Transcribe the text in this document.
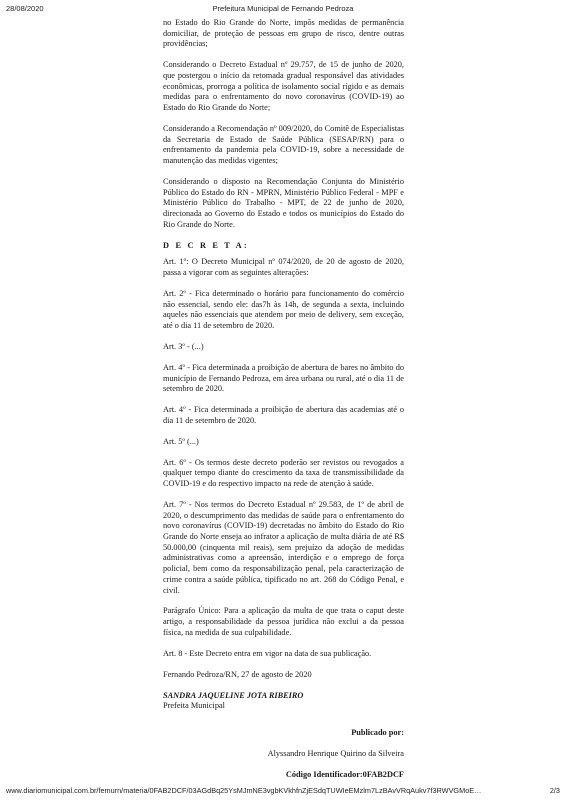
28/08/2020	Prefeitura Municipal de Fernando Pedroza

no Estado do Rio Grande do Norte, impõs medidas de permanência domiciliar, de proteção de pessoas em grupo de risco, dentre outras providências;

Considerando o Decreto Estadual nº 29.757, de 15 de junho de 2020, que postergou o início da retomada gradual responsável das atividades econômicas, prorroga a política de isolamento social rígido e as demais medidas para o enfrentamento do novo coronavírus (COVID-19) ao Estado do Rio Grande do Norte;

Considerando a Recomendação nº 009/2020, do Comitê de Especialistas da Secretaria de Estado de Saúde Pública (SESAP/RN) para o enfrentamento da pandemia pela COVID-19, sobre a necessidade de manutenção das medidas vigentes;

Considerando o disposto na Recomendação Conjunta do Ministério Público do Estado do RN - MPRN, Ministério Público Federal - MPF e Ministério Público do Trabalho - MPT, de 22 de junho de 2020, direcionada ao Governo do Estado e todos os municípios do Estado do Rio Grande do Norte.

D E C R E T A:

Art. 1º: O Decreto Municipal nº 074/2020, de 20 de agosto de 2020, passa a vigorar com as seguintes alterações:

Art. 2º - Fica determinado o horário para funcionamento do comércio não essencial, sendo ele: das7h às 14h, de segunda a sexta, incluindo aqueles não essenciais que atendem por meio de delivery, sem exceção, até o dia 11 de setembro de 2020.

Art. 3º - (...)

Art. 4º - Fica determinada a proibição de abertura de bares no âmbito do município de Fernando Pedroza, em área urbana ou rural, até o dia 11 de setembro de 2020.

Art. 4º - Fica determinada a proibição de abertura das academias até o dia 11 de setembro de 2020.

Art. 5º (...)

Art. 6º - Os termos deste decreto poderão ser revistos ou revogados a qualquer tempo diante do crescimento da taxa de transmissibilidade da COVID-19 e do respectivo impacto na rede de atenção à saúde.

Art. 7º - Nos termos do Decreto Estadual nº 29.583, de 1º de abril de 2020, o descumprimento das medidas de saúde para o enfrentamento do novo coronavírus (COVID-19) decretadas no âmbito do Estado do Rio Grande do Norte enseja ao infrator a aplicação de multa diária de até R$ 50.000,00 (cinquenta mil reais), sem prejuízo da adoção de medidas administrativas como a apreensão, interdição e o emprego de força policial, bem como da responsabilização penal, pela caracterização de crime contra a saúde pública, tipificado no art. 268 do Código Penal, e civil.

Parágrafo Único: Para a aplicação da multa de que trata o caput deste artigo, a responsabilidade da pessoa jurídica não exclui a da pessoa física, na medida de sua culpabilidade.

Art. 8 - Este Decreto entra em vigor na data de sua publicação.

Fernando Pedroza/RN, 27 de agosto de 2020

SANDRA JAQUELINE JOTA RIBEIRO

Prefeita Municipal

Publicado por:

Alyssandro Henrique Quirino da Silveira

Código Identificador:0FAB2DCF

www.diariomunicipal.com.br/femurn/materia/0FAB2DCF/03AGdBq25YsMJmNE3vgbKVkhfnZjESdqTUWIeEMzlm7LzBAvVRqAukv7f3RWVGMoE…	2/3
